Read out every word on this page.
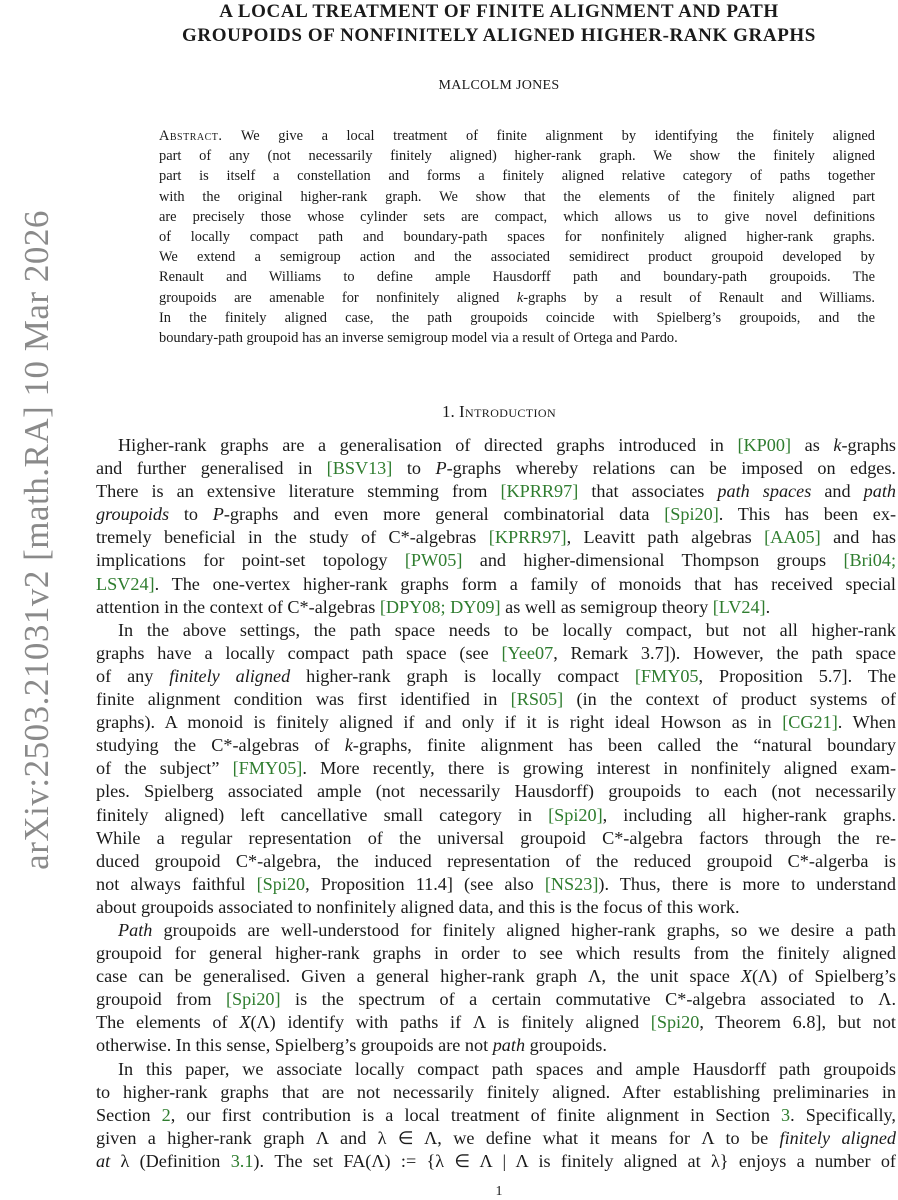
arXiv:2503.21031v2 [math.RA] 10 Mar 2026
A LOCAL TREATMENT OF FINITE ALIGNMENT AND PATH
GROUPOIDS OF NONFINITELY ALIGNED HIGHER-RANK GRAPHS
MALCOLM JONES
Abstract. We give a local treatment of finite alignment by identifying the finitely aligned
part of any (not necessarily finitely aligned) higher-rank graph. We show the finitely aligned
part is itself a constellation and forms a finitely aligned relative category of paths together
with the original higher-rank graph. We show that the elements of the finitely aligned part
are precisely those whose cylinder sets are compact, which allows us to give novel definitions
of locally compact path and boundary-path spaces for nonfinitely aligned higher-rank graphs.
We extend a semigroup action and the associated semidirect product groupoid developed by
Renault and Williams to define ample Hausdorff path and boundary-path groupoids. The
groupoids are amenable for nonfinitely aligned k-graphs by a result of Renault and Williams.
In the finitely aligned case, the path groupoids coincide with Spielberg’s groupoids, and the
boundary-path groupoid has an inverse semigroup model via a result of Ortega and Pardo.
1. Introduction
Higher-rank graphs are a generalisation of directed graphs introduced in [KP00] as k-graphs
and further generalised in [BSV13] to P-graphs whereby relations can be imposed on edges.
There is an extensive literature stemming from [KPRR97] that associates path spaces and path
groupoids to P-graphs and even more general combinatorial data [Spi20]. This has been ex-
tremely beneficial in the study of C*-algebras [KPRR97], Leavitt path algebras [AA05] and has
implications for point-set topology [PW05] and higher-dimensional Thompson groups [Bri04;
LSV24]. The one-vertex higher-rank graphs form a family of monoids that has received special
attention in the context of C*-algebras [DPY08; DY09] as well as semigroup theory [LV24].
In the above settings, the path space needs to be locally compact, but not all higher-rank
graphs have a locally compact path space (see [Yee07, Remark 3.7]). However, the path space
of any finitely aligned higher-rank graph is locally compact [FMY05, Proposition 5.7]. The
finite alignment condition was first identified in [RS05] (in the context of product systems of
graphs). A monoid is finitely aligned if and only if it is right ideal Howson as in [CG21]. When
studying the C*-algebras of k-graphs, finite alignment has been called the “natural boundary
of the subject” [FMY05]. More recently, there is growing interest in nonfinitely aligned exam-
ples. Spielberg associated ample (not necessarily Hausdorff) groupoids to each (not necessarily
finitely aligned) left cancellative small category in [Spi20], including all higher-rank graphs.
While a regular representation of the universal groupoid C*-algebra factors through the re-
duced groupoid C*-algebra, the induced representation of the reduced groupoid C*-algerba is
not always faithful [Spi20, Proposition 11.4] (see also [NS23]). Thus, there is more to understand
about groupoids associated to nonfinitely aligned data, and this is the focus of this work.
Path groupoids are well-understood for finitely aligned higher-rank graphs, so we desire a path
groupoid for general higher-rank graphs in order to see which results from the finitely aligned
case can be generalised. Given a general higher-rank graph Λ, the unit space X(Λ) of Spielberg’s
groupoid from [Spi20] is the spectrum of a certain commutative C*-algebra associated to Λ.
The elements of X(Λ) identify with paths if Λ is finitely aligned [Spi20, Theorem 6.8], but not
otherwise. In this sense, Spielberg’s groupoids are not path groupoids.
In this paper, we associate locally compact path spaces and ample Hausdorff path groupoids
to higher-rank graphs that are not necessarily finitely aligned. After establishing preliminaries in
Section 2, our first contribution is a local treatment of finite alignment in Section 3. Specifically,
given a higher-rank graph Λ and λ ∈ Λ, we define what it means for Λ to be finitely aligned
at λ (Definition 3.1). The set FA(Λ) := {λ ∈ Λ | Λ is finitely aligned at λ} enjoys a number of
1
